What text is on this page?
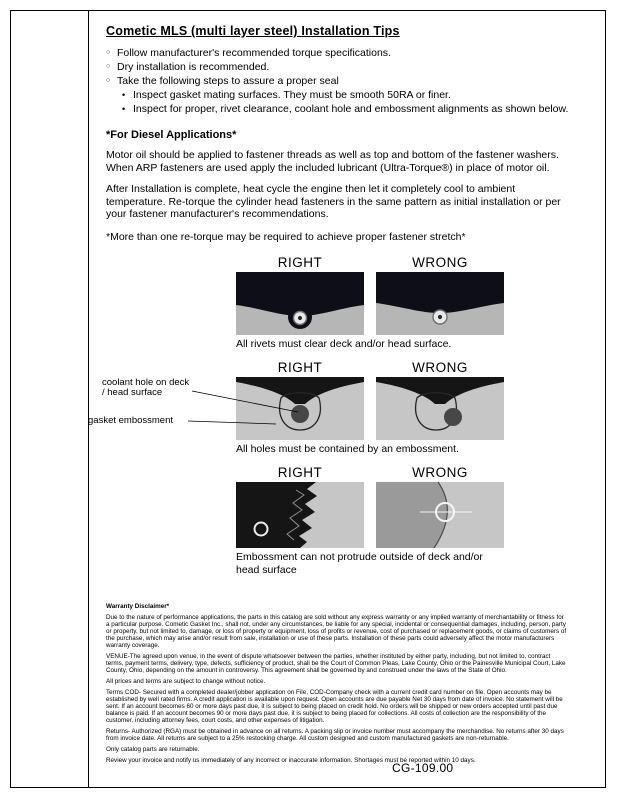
Cometic MLS (multi layer steel) Installation Tips
○ Follow manufacturer's recommended torque specifications.
○ Dry installation is recommended.
○ Take the following steps to assure a proper seal
• Inspect gasket mating surfaces. They must be smooth 50RA or finer.
• Inspect for proper, rivet clearance, coolant hole and embossment alignments as shown below.
*For Diesel Applications*

Motor oil should be applied to fastener threads as well as top and bottom of the fastener washers. When ARP fasteners are used apply the included lubricant (Ultra-Torque®) in place of motor oil.

After Installation is complete, heat cycle the engine then let it completely cool to ambient temperature. Re-torque the cylinder head fasteners in the same pattern as initial installation or per your fastener manufacturer's recommendations.

*More than one re-torque may be required to achieve proper fastener stretch*
RIGHT	WRONG
All rivets must clear deck and/or head surface.
RIGHT	WRONG
coolant hole on deck / head surface
gasket embossment
All holes must be contained by an embossment.
RIGHT	WRONG
Embossment can not protrude outside of deck and/or head surface

Warranty Disclaimer*

Due to the nature of performance applications, the parts in this catalog are sold without any express warranty or any implied warranty of merchantability or fitness for a particular purpose. Cometic Gasket Inc., shall not, under any circumstances, be liable for any special, incidental or consequential damages, including, person, party or property, but not limited to, damage, or loss of property or equipment, loss of profits or revenue, cost of purchased or replacement goods, or claims of customers of the purchase, which may arise and/or result from sale, installation or use of these parts. Installation of these parts could adversely affect the motor manufacturers warranty coverage.

VENUE-The agreed upon venue, in the event of dispute whatsoever between the parties, whether instituted by either party, including, but not limited to, contract terms, payment terms, delivery, type, defects, sufficiency of product, shall be the Court of Common Pleas, Lake County, Ohio or the Painesville Municipal Court, Lake County, Ohio, depending on the amount in controversy. This agreement shall be governed by and construed under the laws of the State of Ohio.

All prices and terms are subject to change without notice.

Terms COD- Secured with a completed dealer/jobber application on File, COD-Company check with a current credit card number on file. Open accounts may be established by well rated firms. A credit application is available upon request. Open accounts are due payable Net 30 days from date of invoice. No statement will be sent. If an account becomes 60 or more days past due, it is subject to being placed on credit hold. No orders will be shipped or new orders accepted until past due balance is paid. If an account becomes 90 or more days past due, it is subject to being placed for collections. All costs of collection are the responsibility of the customer, including attorney fees, court costs, and other expenses of litigation.

Returns- Authorized (RGA) must be obtained in advance on all returns. A packing slip or invoice number must accompany the merchandise. No returns after 30 days from invoice date. All returns are subject to a 25% restocking charge. All custom designed and custom manufactured gaskets are non-returnable.

Only catalog parts are returnable.

Review your invoice and notify us immediately of any incorrect or inaccurate information. Shortages must be reported within 10 days.

CG-109.00
